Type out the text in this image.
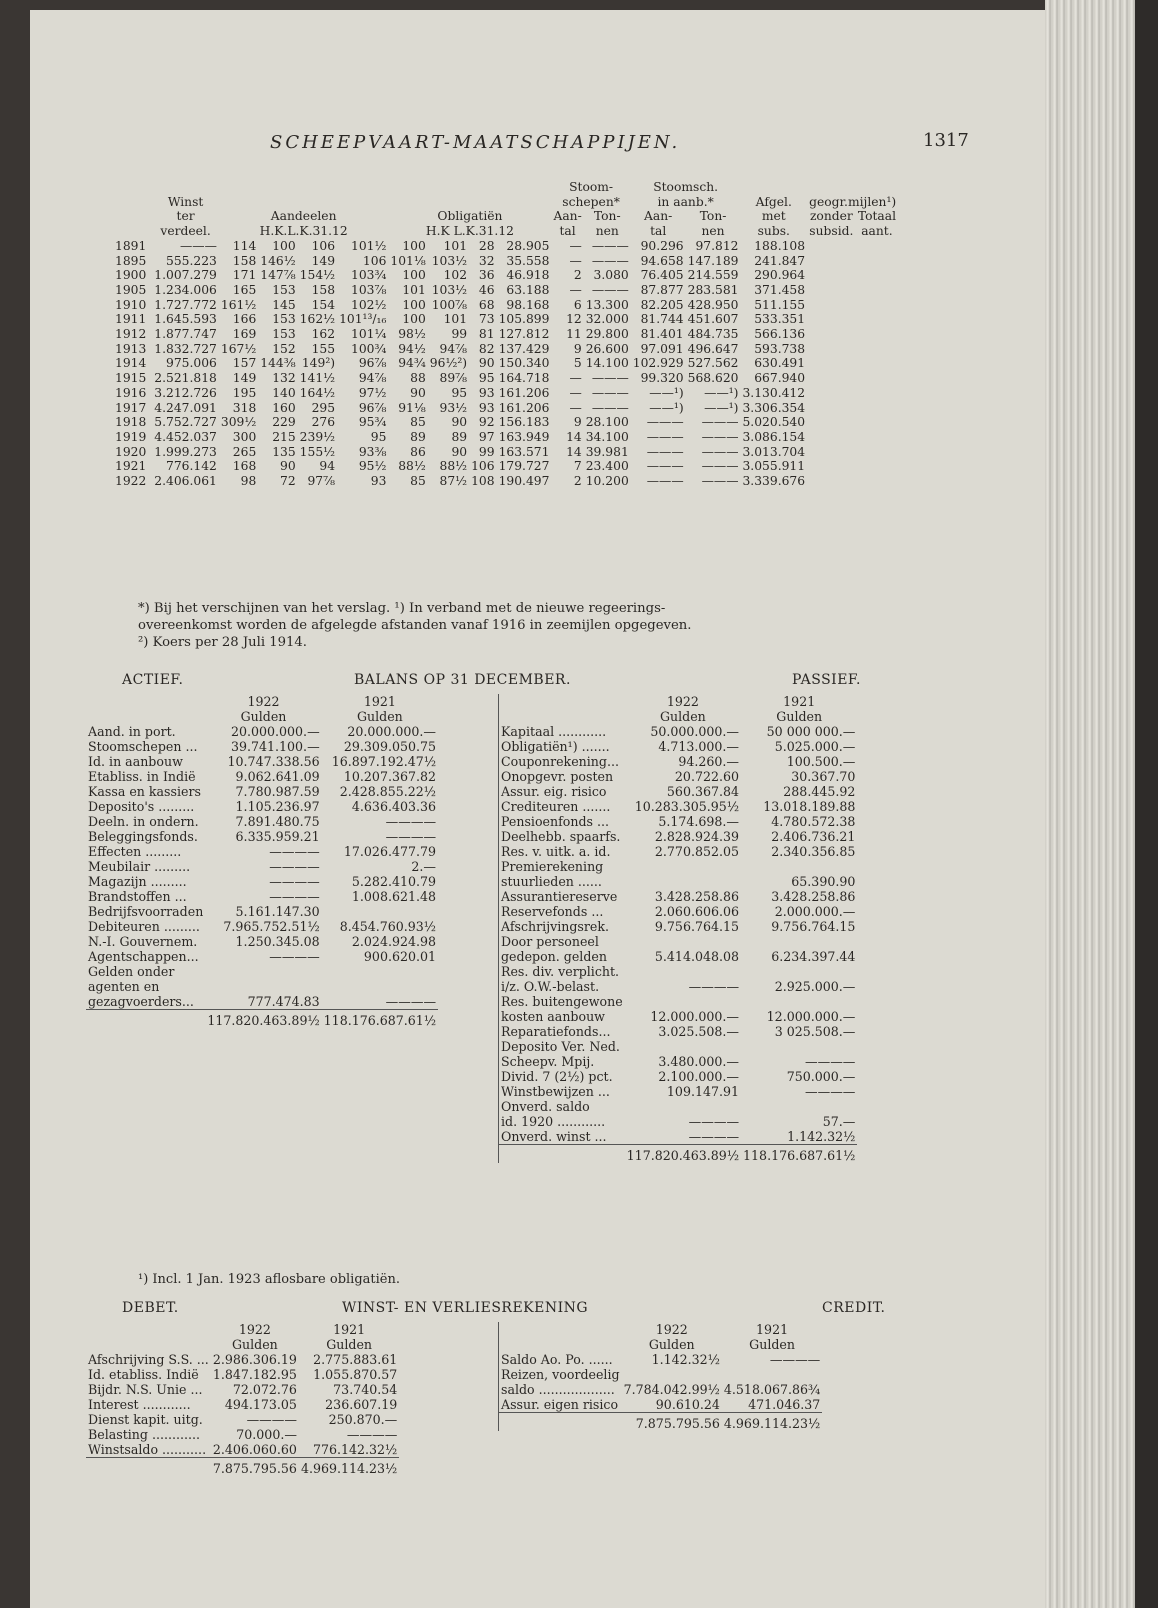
SCHEEPVAART-MAATSCHAPPIJEN.	1317
										Stoom-		Stoomsch.				
	Winst									schepen*		in aanb.*		Afgel.	geogr.mijlen¹)	
	ter	Aandeelen				Obligatiën				Aan-	Ton-	Aan-	Ton-	met	zonder	Totaal
	verdeel.	H.K.L.K.31.12				H.K L.K.31.12				tal	nen	tal	nen	subs.	subsid.	aant.
1891	———	114	100	106	101½	100	101	28	28.905	—	———	90.296	97.812	188.108		
1895	555.223	158	146½	149	106	101⅛	103½	32	35.558	—	———	94.658	147.189	241.847		
1900	1.007.279	171	147⅞	154½	103¾	100	102	36	46.918	2	3.080	76.405	214.559	290.964		
1905	1.234.006	165	153	158	103⅞	101	103½	46	63.188	—	———	87.877	283.581	371.458		
1910	1.727.772	161½	145	154	102½	100	100⅞	68	98.168	6	13.300	82.205	428.950	511.155		
1911	1.645.593	166	153	162½	101¹³/₁₆	100	101	73	105.899	12	32.000	81.744	451.607	533.351		
1912	1.877.747	169	153	162	101¼	98½	99	81	127.812	11	29.800	81.401	484.735	566.136		
1913	1.832.727	167½	152	155	100¾	94½	94⅞	82	137.429	9	26.600	97.091	496.647	593.738		
1914	975.006	157	144⅜	149²)	96⅞	94¾	96½²)	90	150.340	5	14.100	102.929	527.562	630.491		
1915	2.521.818	149	132	141½	94⅞	88	89⅞	95	164.718	—	———	99.320	568.620	667.940		
1916	3.212.726	195	140	164½	97½	90	95	93	161.206	—	———	——¹)	——¹)	3.130.412		
1917	4.247.091	318	160	295	96⅞	91⅛	93½	93	161.206	—	———	——¹)	——¹)	3.306.354		
1918	5.752.727	309½	229	276	95¾	85	90	92	156.183	9	28.100	———	———	5.020.540		
1919	4.452.037	300	215	239½	95	89	89	97	163.949	14	34.100	———	———	3.086.154		
1920	1.999.273	265	135	155½	93⅜	86	90	99	163.571	14	39.981	———	———	3.013.704		
1921	776.142	168	90	94	95½	88½	88½	106	179.727	7	23.400	———	———	3.055.911		
1922	2.406.061	98	72	97⅞	93	85	87½	108	190.497	2	10.200	———	———	3.339.676		
*) Bij het verschijnen van het verslag. ¹) In verband met de nieuwe regeerings-
overeenkomst worden de afgelegde afstanden vanaf 1916 in zeemijlen opgegeven.
²) Koers per 28 Juli 1914.
ACTIEF.	BALANS OP 31 DECEMBER.	PASSIEF.
	1922	1921
	Gulden	Gulden
Aand. in port.	20.000.000.—	20.000.000.—
Stoomschepen ...	39.741.100.—	29.309.050.75
Id. in aanbouw	10.747.338.56	16.897.192.47½
Etabliss. in Indië	9.062.641.09	10.207.367.82
Kassa en kassiers	7.780.987.59	2.428.855.22½
Deposito's .........	1.105.236.97	4.636.403.36
Deeln. in ondern.	7.891.480.75	————
Beleggingsfonds.	6.335.959.21	————
Effecten .........	————	17.026.477.79
Meubilair .........	————	2.—
Magazijn .........	————	5.282.410.79
Brandstoffen ...	————	1.008.621.48
Bedrijfsvoorraden	5.161.147.30	
Debiteuren .........	7.965.752.51½	8.454.760.93½
N.-I. Gouvernem.	1.250.345.08	2.024.924.98
Agentschappen...	————	900.620.01
Gelden onder		
agenten en		
gezagvoerders...	777.474.83	————
	117.820.463.89½	118.176.687.61½
	1922	1921
	Gulden	Gulden
Kapitaal ............	50.000.000.—	50 000 000.—
Obligatiën¹) .......	4.713.000.—	5.025.000.—
Couponrekening...	94.260.—	100.500.—
Onopgevr. posten	20.722.60	30.367.70
Assur. eig. risico	560.367.84	288.445.92
Crediteuren .......	10.283.305.95½	13.018.189.88
Pensioenfonds ...	5.174.698.—	4.780.572.38
Deelhebb. spaarfs.	2.828.924.39	2.406.736.21
Res. v. uitk. a. id.	2.770.852.05	2.340.356.85
Premierekening		
stuurlieden ......		65.390.90
Assurantiereserve	3.428.258.86	3.428.258.86
Reservefonds ...	2.060.606.06	2.000.000.—
Afschrijvingsrek.	9.756.764.15	9.756.764.15
Door personeel		
gedepon. gelden	5.414.048.08	6.234.397.44
Res. div. verplicht.		
i/z. O.W.-belast.	————	2.925.000.—
Res. buitengewone		
kosten aanbouw	12.000.000.—	12.000.000.—
Reparatiefonds...	3.025.508.—	3 025.508.—
Deposito Ver. Ned.		
Scheepv. Mpij.	3.480.000.—	————
Divid. 7 (2½) pct.	2.100.000.—	750.000.—
Winstbewijzen ...	109.147.91	————
Onverd. saldo		
id. 1920 ............	————	57.—
Onverd. winst ...	————	1.142.32½
	117.820.463.89½	118.176.687.61½
¹) Incl. 1 Jan. 1923 aflosbare obligatiën.
DEBET.	WINST- EN VERLIESREKENING	CREDIT.
	1922	1921
	Gulden	Gulden
Afschrijving S.S. ...	2.986.306.19	2.775.883.61
Id. etabliss. Indië	1.847.182.95	1.055.870.57
Bijdr. N.S. Unie ...	72.072.76	73.740.54
Interest ............	494.173.05	236.607.19
Dienst kapit. uitg.	————	250.870.—
Belasting ............	70.000.—	————
Winstsaldo ...........	2.406.060.60	776.142.32½
	7.875.795.56	4.969.114.23½
	1922	1921
	Gulden	Gulden
Saldo Ao. Po. ......	1.142.32½	————
Reizen, voordeelig		
saldo ...................	7.784.042.99½	4.518.067.86¾
Assur. eigen risico	90.610.24	471.046.37
	7.875.795.56	4.969.114.23½
